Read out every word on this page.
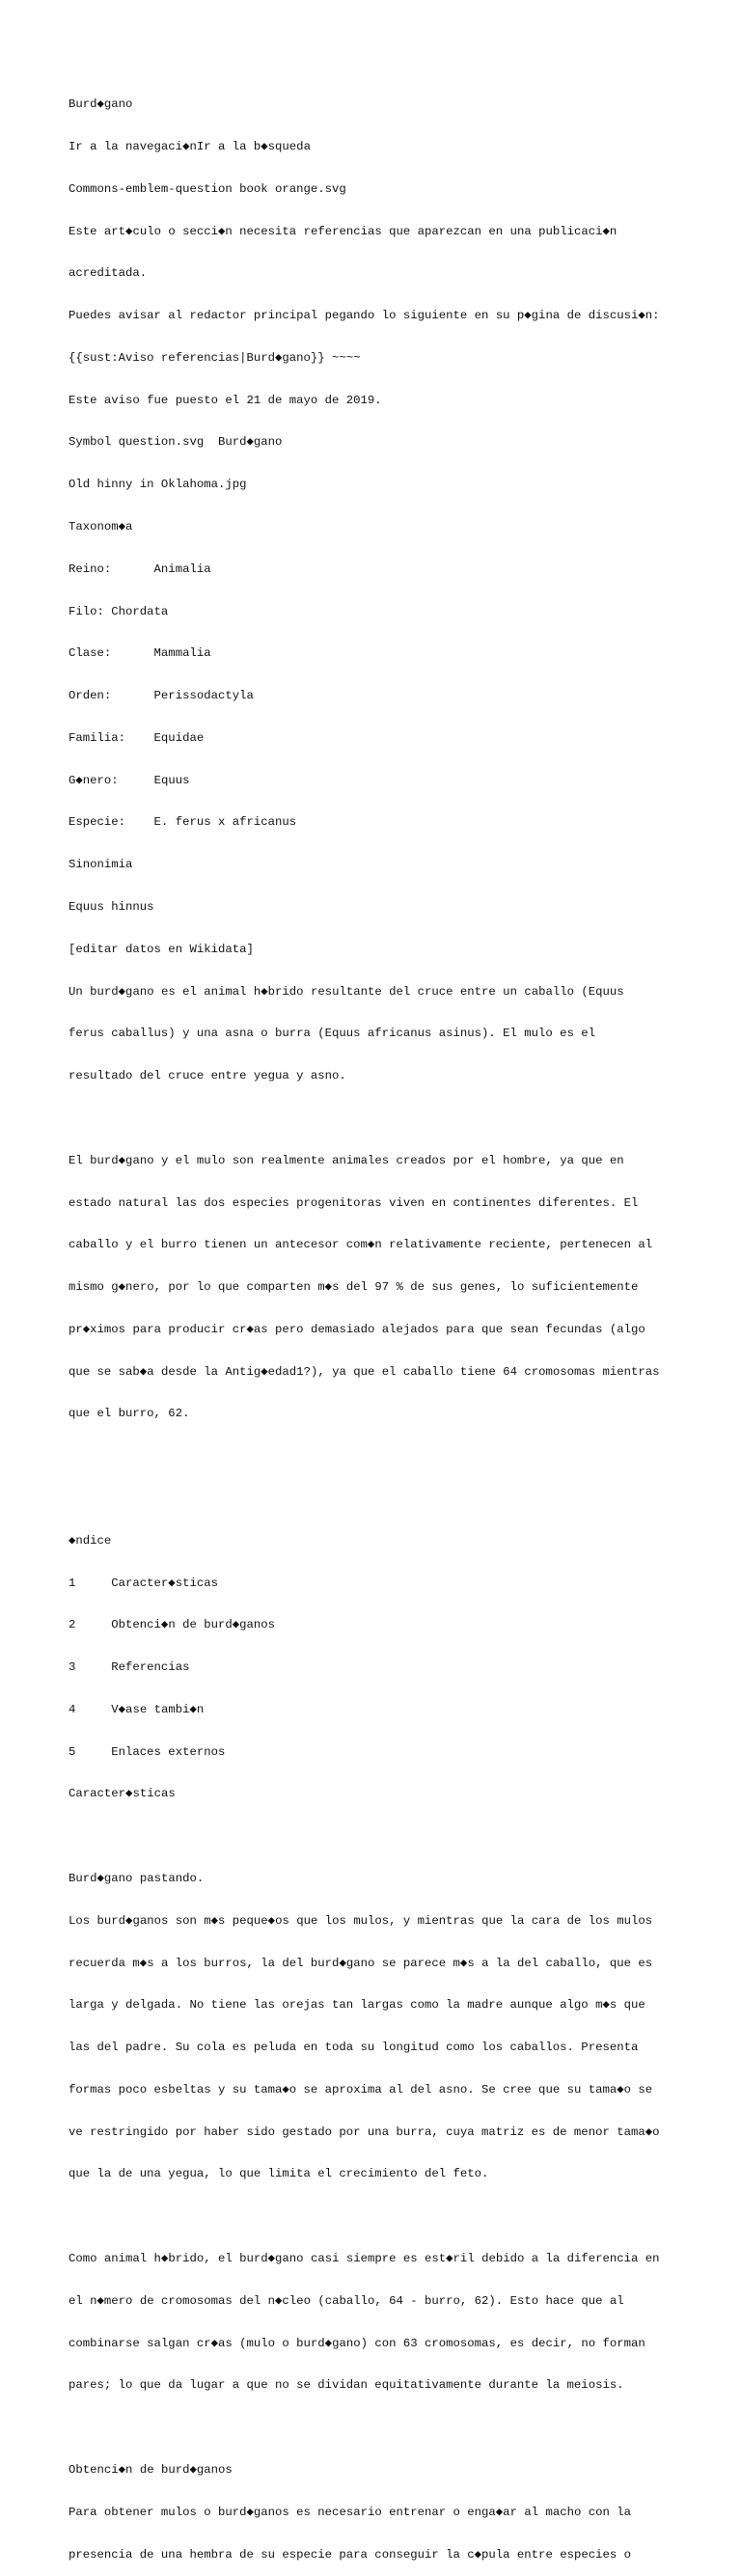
Burd◆gano

Ir a la navegaci◆nIr a la b◆squeda

Commons-emblem-question book orange.svg

Este art◆culo o secci◆n necesita referencias que aparezcan en una publicaci◆n

acreditada.

Puedes avisar al redactor principal pegando lo siguiente en su p◆gina de discusi◆n:

{{sust:Aviso referencias|Burd◆gano}} ~~~~

Este aviso fue puesto el 21 de mayo de 2019.

Symbol question.svg  Burd◆gano

Old hinny in Oklahoma.jpg

Taxonom◆a

Reino:      Animalia

Filo: Chordata

Clase:      Mammalia

Orden:      Perissodactyla

Familia:    Equidae

G◆nero:     Equus

Especie:    E. ferus x africanus

Sinonimia

Equus hinnus

[editar datos en Wikidata]

Un burd◆gano es el animal h◆brido resultante del cruce entre un caballo (Equus

ferus caballus) y una asna o burra (Equus africanus asinus). El mulo es el

resultado del cruce entre yegua y asno.

El burd◆gano y el mulo son realmente animales creados por el hombre, ya que en

estado natural las dos especies progenitoras viven en continentes diferentes. El

caballo y el burro tienen un antecesor com◆n relativamente reciente, pertenecen al

mismo g◆nero, por lo que comparten m◆s del 97 % de sus genes, lo suficientemente

pr◆ximos para producir cr◆as pero demasiado alejados para que sean fecundas (algo

que se sab◆a desde la Antig◆edad1?), ya que el caballo tiene 64 cromosomas mientras

que el burro, 62.

◆ndice

1     Caracter◆sticas

2     Obtenci◆n de burd◆ganos

3     Referencias

4     V◆ase tambi◆n

5     Enlaces externos

Caracter◆sticas

Burd◆gano pastando.

Los burd◆ganos son m◆s peque◆os que los mulos, y mientras que la cara de los mulos

recuerda m◆s a los burros, la del burd◆gano se parece m◆s a la del caballo, que es

larga y delgada. No tiene las orejas tan largas como la madre aunque algo m◆s que

las del padre. Su cola es peluda en toda su longitud como los caballos. Presenta

formas poco esbeltas y su tama◆o se aproxima al del asno. Se cree que su tama◆o se

ve restringido por haber sido gestado por una burra, cuya matriz es de menor tama◆o

que la de una yegua, lo que limita el crecimiento del feto.

Como animal h◆brido, el burd◆gano casi siempre es est◆ril debido a la diferencia en

el n◆mero de cromosomas del n◆cleo (caballo, 64 - burro, 62). Esto hace que al

combinarse salgan cr◆as (mulo o burd◆gano) con 63 cromosomas, es decir, no forman

pares; lo que da lugar a que no se dividan equitativamente durante la meiosis.

Obtenci◆n de burd◆ganos

Para obtener mulos o burd◆ganos es necesario entrenar o enga◆ar al macho con la

presencia de una hembra de su especie para conseguir la c◆pula entre especies o
